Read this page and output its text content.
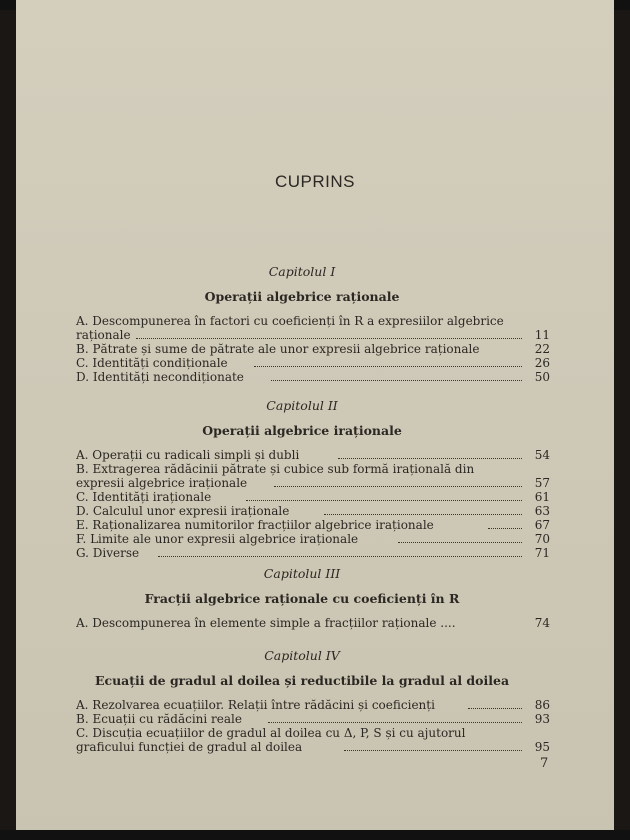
CUPRINS
Capitolul I
Operații algebrice raționale
A. Descompunerea în factori cu coeficienți în R a expresiilor algebrice
raționale	11
B. Pătrate și sume de pătrate ale unor expresii algebrice raționale	22
C. Identități condiționale	26
D. Identități necondiționate	50
Capitolul II
Operații algebrice iraționale
A. Operații cu radicali simpli și dubli	54
B. Extragerea rădăcinii pătrate și cubice sub formă irațională din
expresii algebrice iraționale	57
C. Identități iraționale	61
D. Calculul unor expresii iraționale	63
E. Raționalizarea numitorilor fracțiilor algebrice iraționale	67
F. Limite ale unor expresii algebrice iraționale	70
G. Diverse	71
Capitolul III
Fracții algebrice raționale cu coeficienți în R
A. Descompunerea în elemente simple a fracțiilor raționale ....	74
Capitolul IV
Ecuații de gradul al doilea și reductibile la gradul al doilea
A. Rezolvarea ecuațiilor. Relații între rădăcini și coeficienți	86
B. Ecuații cu rădăcini reale	93
C. Discuția ecuațiilor de gradul al doilea cu Δ, P, S și cu ajutorul
graficului funcției de gradul al doilea	95
7
